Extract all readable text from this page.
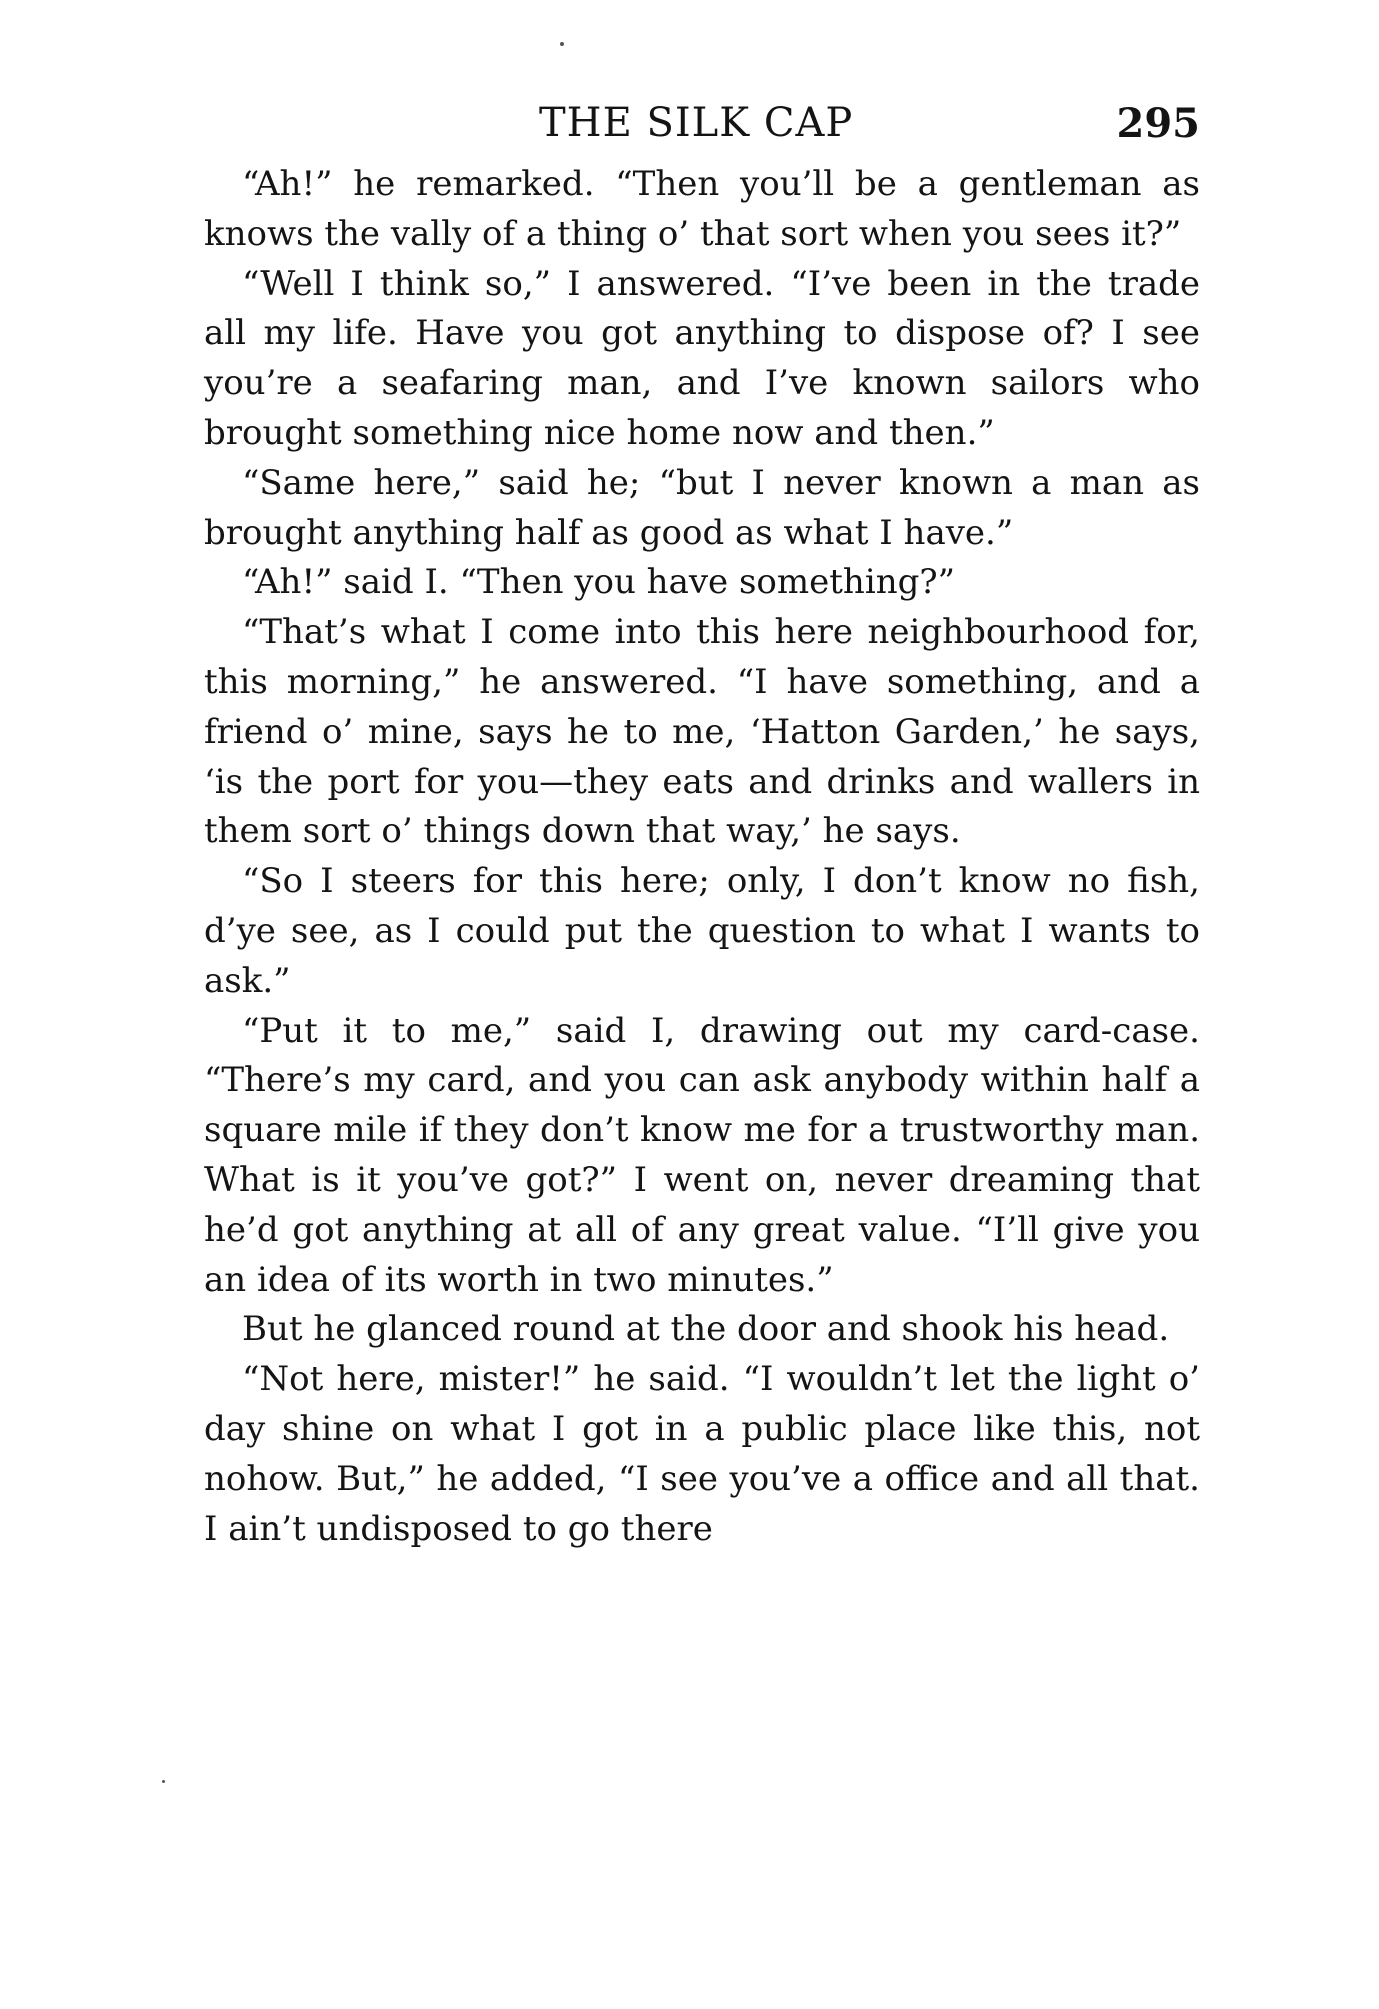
THE SILK CAP	295

“Ah!” he remarked. “Then you’ll be a gentleman as knows the vally of a thing o’ that sort when you sees it?”

“Well I think so,” I answered. “I’ve been in the trade all my life. Have you got anything to dispose of? I see you’re a seafaring man, and I’ve known sailors who brought something nice home now and then.”

“Same here,” said he; “but I never known a man as brought anything half as good as what I have.”

“Ah!” said I. “Then you have something?”

“That’s what I come into this here neighbourhood for, this morning,” he answered. “I have something, and a friend o’ mine, says he to me, ‘Hatton Garden,’ he says, ‘is the port for you—they eats and drinks and wallers in them sort o’ things down that way,’ he says.

“So I steers for this here; only, I don’t know no fish, d’ye see, as I could put the question to what I wants to ask.”

“Put it to me,” said I, drawing out my card-case. “There’s my card, and you can ask anybody within half a square mile if they don’t know me for a trustworthy man. What is it you’ve got?” I went on, never dreaming that he’d got anything at all of any great value. “I’ll give you an idea of its worth in two minutes.”

But he glanced round at the door and shook his head.

“Not here, mister!” he said. “I wouldn’t let the light o’ day shine on what I got in a public place like this, not nohow. But,” he added, “I see you’ve a office and all that. I ain’t undisposed to go there
